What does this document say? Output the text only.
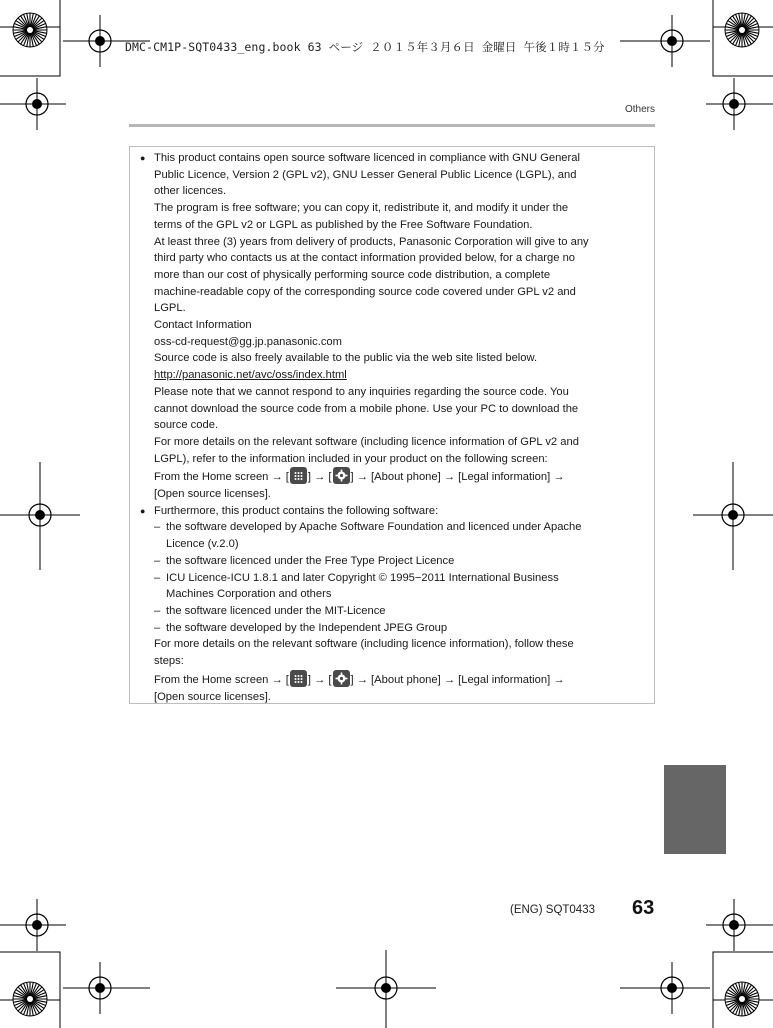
DMC-CM1P-SQT0433_eng.book 63 ページ ２０１５年３月６日 金曜日 午後１時１５分
Others
● This product contains open source software licenced in compliance with GNU General
Public Licence, Version 2 (GPL v2), GNU Lesser General Public Licence (LGPL), and
other licences.
The program is free software; you can copy it, redistribute it, and modify it under the
terms of the GPL v2 or LGPL as published by the Free Software Foundation.
At least three (3) years from delivery of products, Panasonic Corporation will give to any
third party who contacts us at the contact information provided below, for a charge no
more than our cost of physically performing source code distribution, a complete
machine-readable copy of the corresponding source code covered under GPL v2 and
LGPL.
Contact Information
oss-cd-request@gg.jp.panasonic.com
Source code is also freely available to the public via the web site listed below.
http://panasonic.net/avc/oss/index.html
Please note that we cannot respond to any inquiries regarding the source code. You
cannot download the source code from a mobile phone. Use your PC to download the
source code.
For more details on the relevant software (including licence information of GPL v2 and
LGPL), refer to the information included in your product on the following screen:
From the Home screen → [ ] → [ ] → [About phone] → [Legal information] →
[Open source licenses].
● Furthermore, this product contains the following software:
– the software developed by Apache Software Foundation and licenced under Apache
Licence (v.2.0)
– the software licenced under the Free Type Project Licence
– ICU Licence-ICU 1.8.1 and later Copyright © 1995−2011 International Business
Machines Corporation and others
– the software licenced under the MIT-Licence
– the software developed by the Independent JPEG Group
For more details on the relevant software (including licence information), follow these
steps:
From the Home screen → [ ] → [ ] → [About phone] → [Legal information] →
[Open source licenses].
(ENG) SQT0433 63
